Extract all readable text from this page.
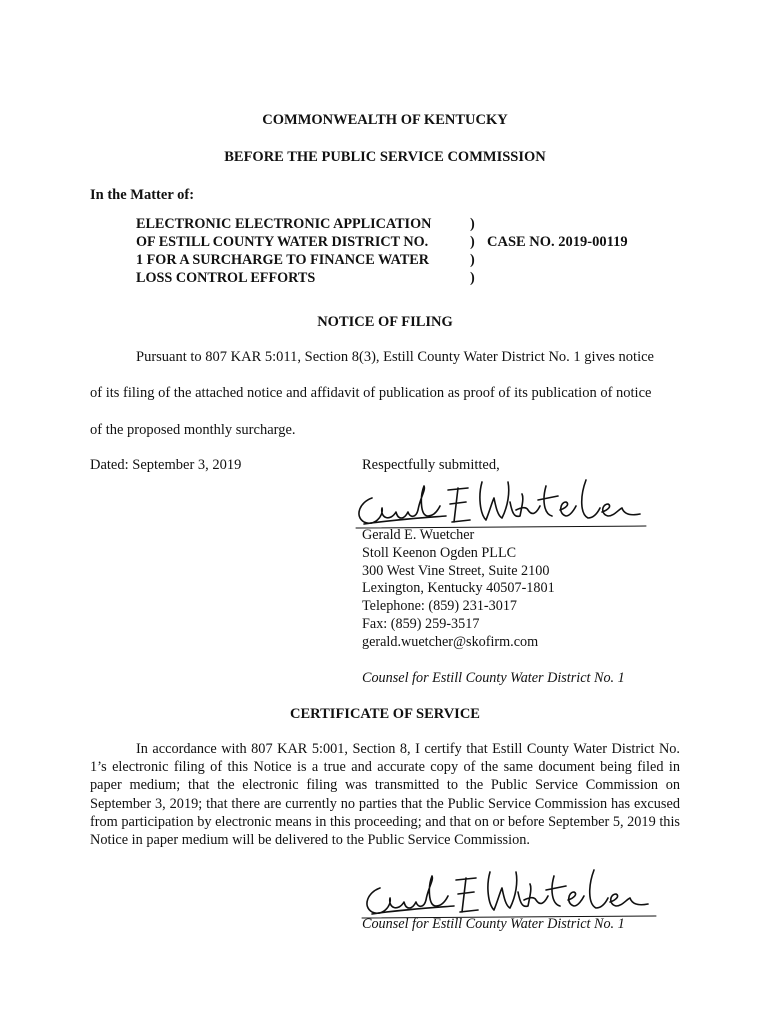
COMMONWEALTH OF KENTUCKY
BEFORE THE PUBLIC SERVICE COMMISSION
In the Matter of:
ELECTRONIC ELECTRONIC APPLICATION
OF ESTILL COUNTY WATER DISTRICT NO.
1 FOR A SURCHARGE TO FINANCE WATER
LOSS CONTROL EFFORTS
)
)
)
)
CASE NO. 2019-00119
NOTICE OF FILING
Pursuant to 807 KAR 5:011, Section 8(3), Estill County Water District No. 1 gives notice
of its filing of the attached notice and affidavit of publication as proof of its publication of notice
of the proposed monthly surcharge.
Dated: September 3, 2019	Respectfully submitted,
Gerald E. Wuetcher
Stoll Keenon Ogden PLLC
300 West Vine Street, Suite 2100
Lexington, Kentucky 40507-1801
Telephone: (859) 231-3017
Fax: (859) 259-3517
gerald.wuetcher@skofirm.com
Counsel for Estill County Water District No. 1
CERTIFICATE OF SERVICE

In accordance with 807 KAR 5:001, Section 8, I certify that Estill County Water District No. 1’s electronic filing of this Notice is a true and accurate copy of the same document being filed in paper medium; that the electronic filing was transmitted to the Public Service Commission on September 3, 2019; that there are currently no parties that the Public Service Commission has excused from participation by electronic means in this proceeding; and that on or before September 5, 2019 this Notice in paper medium will be delivered to the Public Service Commission.

Counsel for Estill County Water District No. 1
